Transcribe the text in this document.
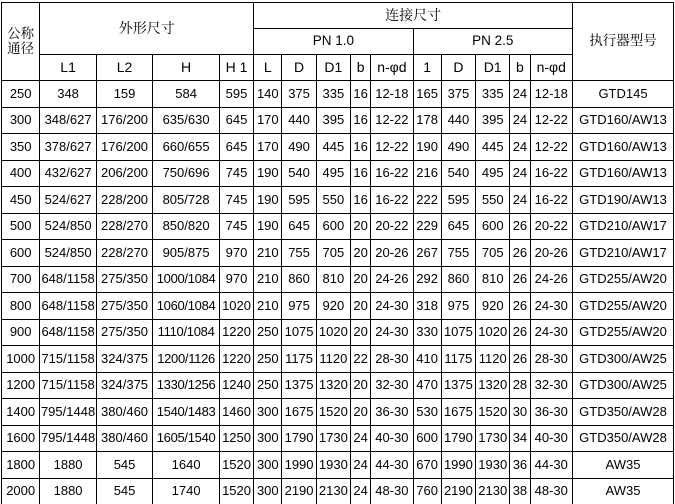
公称
通径	外形尺寸				连接尺寸										执行器型号
					PN 1.0					PN 2.5					
	L1	L2	H	H 1	L	D	D1	b	n-φd	1	D	D1	b	n-φd	
250	348	159	584	595	140	375	335	16	12-18	165	375	335	24	12-18	GTD145
300	348/627	176/200	635/630	645	170	440	395	16	12-22	178	440	395	24	12-22	GTD160/AW13
350	378/627	176/200	660/655	645	170	490	445	16	12-22	190	490	445	24	12-22	GTD160/AW13
400	432/627	206/200	750/696	745	190	540	495	16	16-22	216	540	495	24	16-22	GTD160/AW13
450	524/627	228/200	805/728	745	190	595	550	16	16-22	222	595	550	24	16-22	GTD190/AW13
500	524/850	228/270	850/820	745	190	645	600	20	20-22	229	645	600	26	20-22	GTD210/AW17
600	524/850	228/270	905/875	970	210	755	705	20	20-26	267	755	705	26	20-26	GTD210/AW17
700	648/1158	275/350	1000/1084	970	210	860	810	20	24-26	292	860	810	26	24-26	GTD255/AW20
800	648/1158	275/350	1060/1084	1020	210	975	920	20	24-30	318	975	920	26	24-30	GTD255/AW20
900	648/1158	275/350	1110/1084	1220	250	1075	1020	20	24-30	330	1075	1020	26	24-30	GTD255/AW20
1000	715/1158	324/375	1200/1126	1220	250	1175	1120	22	28-30	410	1175	1120	26	28-30	GTD300/AW25
1200	715/1158	324/375	1330/1256	1240	250	1375	1320	20	32-30	470	1375	1320	28	32-30	GTD300/AW25
1400	795/1448	380/460	1540/1483	1460	300	1675	1520	20	36-30	530	1675	1520	30	36-30	GTD350/AW28
1600	795/1448	380/460	1605/1540	1250	300	1790	1730	24	40-30	600	1790	1730	34	40-30	GTD350/AW28
1800	1880	545	1640	1520	300	1990	1930	24	44-30	670	1990	1930	36	44-30	AW35
2000	1880	545	1740	1520	300	2190	2130	24	48-30	760	2190	2130	38	48-30	AW35
